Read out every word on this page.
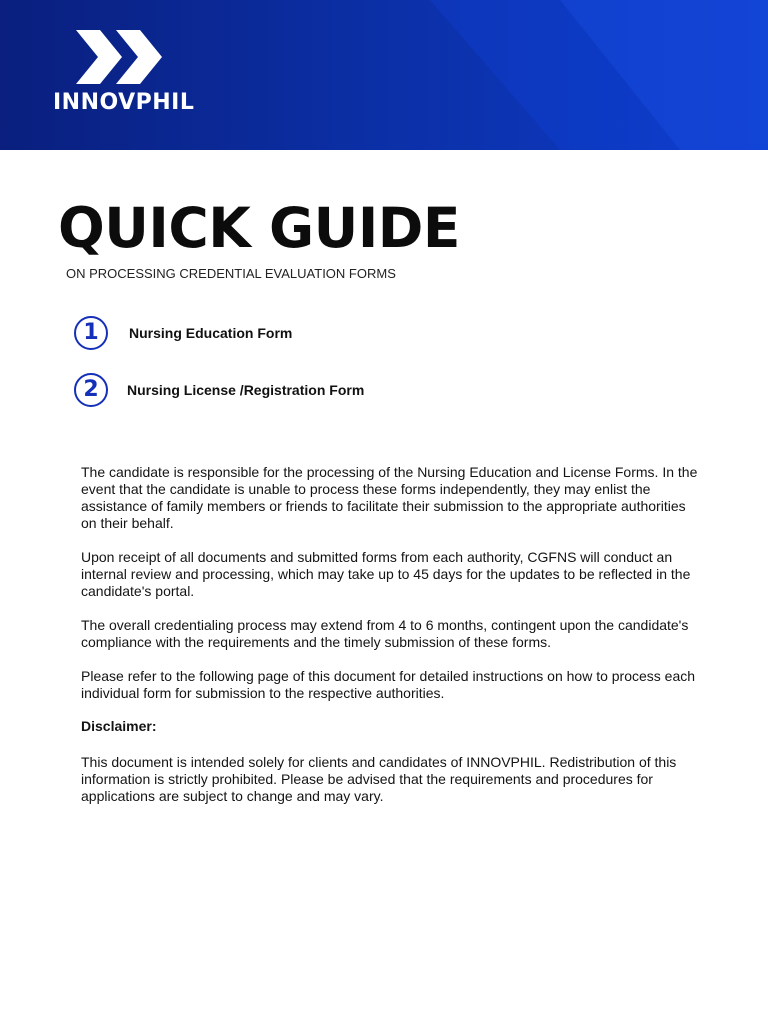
INNOVPHIL
QUICK GUIDE
ON PROCESSING CREDENTIAL EVALUATION FORMS
1	Nursing Education Form
2	Nursing License /Registration Form

The candidate is responsible for the processing of the Nursing Education and License Forms. In the event that the candidate is unable to process these forms independently, they may enlist the assistance of family members or friends to facilitate their submission to the appropriate authorities on their behalf.

Upon receipt of all documents and submitted forms from each authority, CGFNS will conduct an internal review and processing, which may take up to 45 days for the updates to be reflected in the candidate's portal.

The overall credentialing process may extend from 4 to 6 months, contingent upon the candidate's compliance with the requirements and the timely submission of these forms.

Please refer to the following page of this document for detailed instructions on how to process each individual form for submission to the respective authorities.

Disclaimer:

This document is intended solely for clients and candidates of INNOVPHIL. Redistribution of this information is strictly prohibited. Please be advised that the requirements and procedures for applications are subject to change and may vary.
